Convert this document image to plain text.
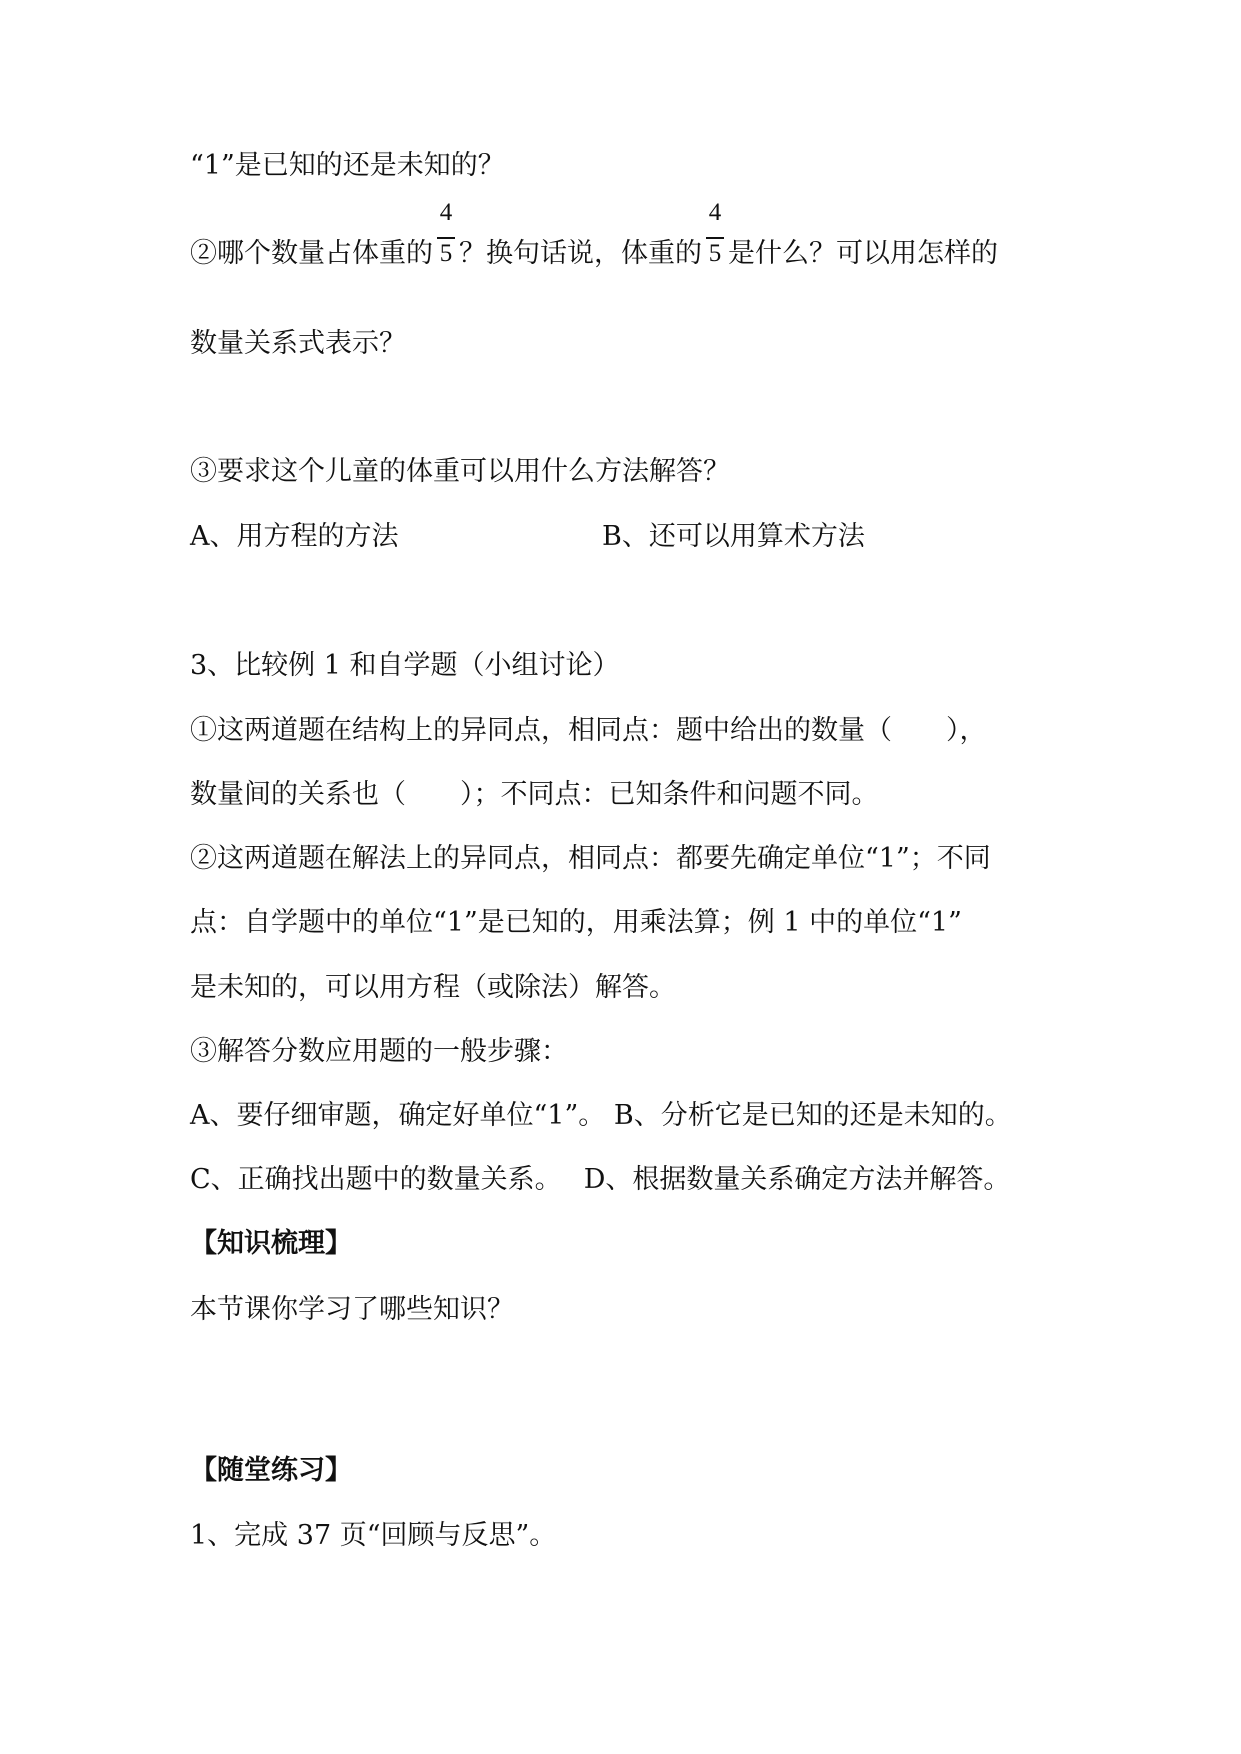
“1”是已知的还是未知的？
②哪个数量占体重的 $\frac{4}{5}$ ？换句话说，体重的 $\frac{4}{5}$ 是什么？可以用怎样的
数量关系式表示？
③要求这个儿童的体重可以用什么方法解答？
A、用方程的方法	B、还可以用算术方法
3、比较例 1 和自学题（小组讨论）
①这两道题在结构上的异同点，相同点：题中给出的数量（　　），
数量间的关系也（　　）；不同点：已知条件和问题不同。
②这两道题在解法上的异同点，相同点：都要先确定单位“1”；不同
点：自学题中的单位“1”是已知的，用乘法算；例 1 中的单位“1”
是未知的，可以用方程（或除法）解答。
③解答分数应用题的一般步骤：
A、要仔细审题，确定好单位“1”。 B、分析它是已知的还是未知的。
C、正确找出题中的数量关系。　 D、根据数量关系确定方法并解答。
【知识梳理】
本节课你学习了哪些知识？
【随堂练习】
1、完成 37 页“回顾与反思”。
